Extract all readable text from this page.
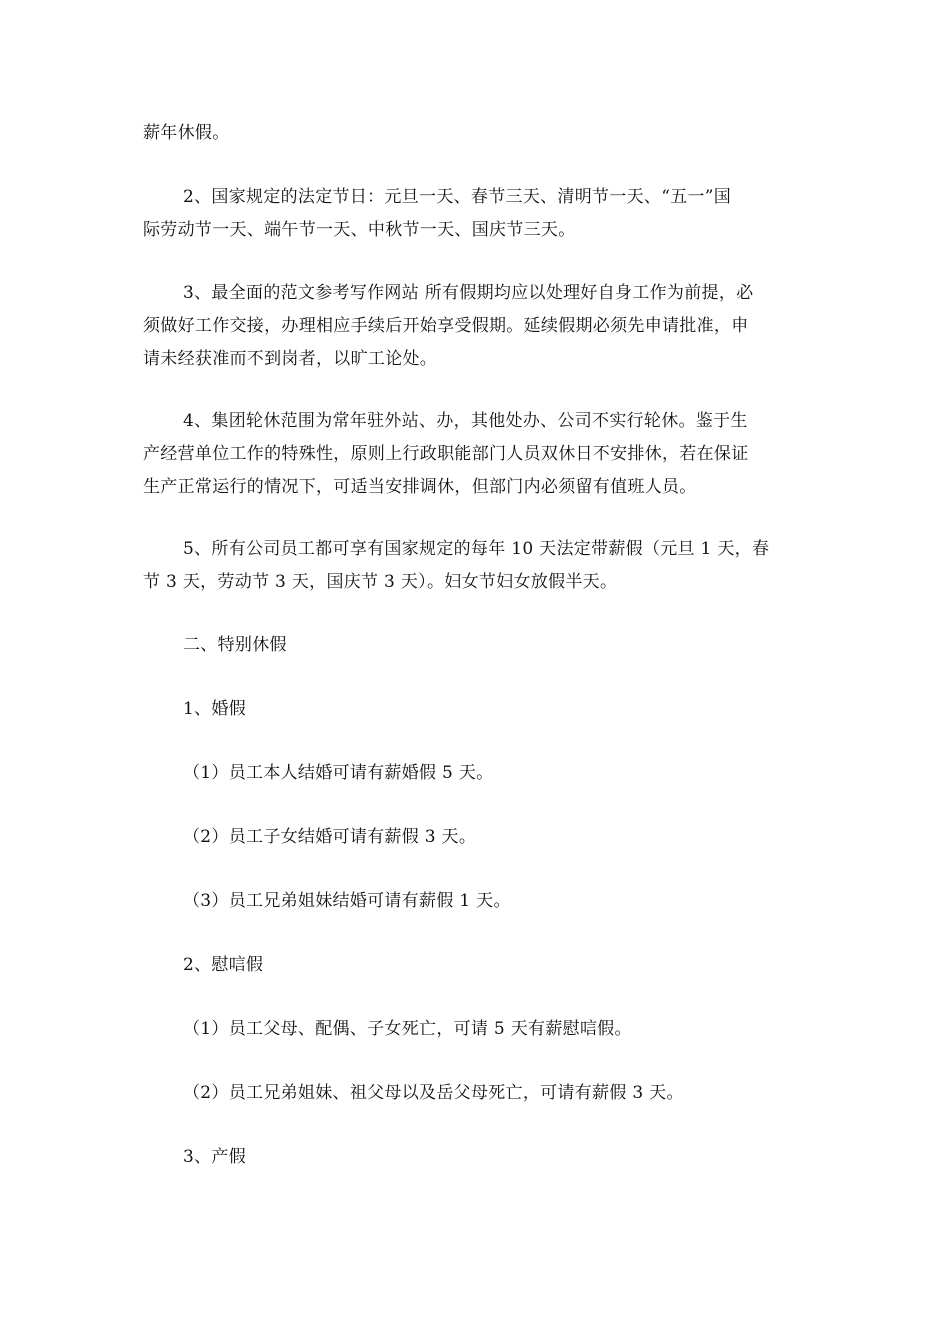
薪年休假。

2、国家规定的法定节日：元旦一天、春节三天、清明节一天、“五一”国
际劳动节一天、端午节一天、中秋节一天、国庆节三天。

3、最全面的范文参考写作网站 所有假期均应以处理好自身工作为前提，必
须做好工作交接，办理相应手续后开始享受假期。延续假期必须先申请批准，申
请未经获准而不到岗者，以旷工论处。

4、集团轮休范围为常年驻外站、办，其他处办、公司不实行轮休。鉴于生
产经营单位工作的特殊性，原则上行政职能部门人员双休日不安排休，若在保证
生产正常运行的情况下，可适当安排调休，但部门内必须留有值班人员。

5、所有公司员工都可享有国家规定的每年 10 天法定带薪假（元旦 1 天，春
节 3 天，劳动节 3 天，国庆节 3 天）。妇女节妇女放假半天。

二、特别休假

1、婚假

（1）员工本人结婚可请有薪婚假 5 天。

（2）员工子女结婚可请有薪假 3 天。

（3）员工兄弟姐妹结婚可请有薪假 1 天。

2、慰唁假

（1）员工父母、配偶、子女死亡，可请 5 天有薪慰唁假。

（2）员工兄弟姐妹、祖父母以及岳父母死亡，可请有薪假 3 天。

3、产假
